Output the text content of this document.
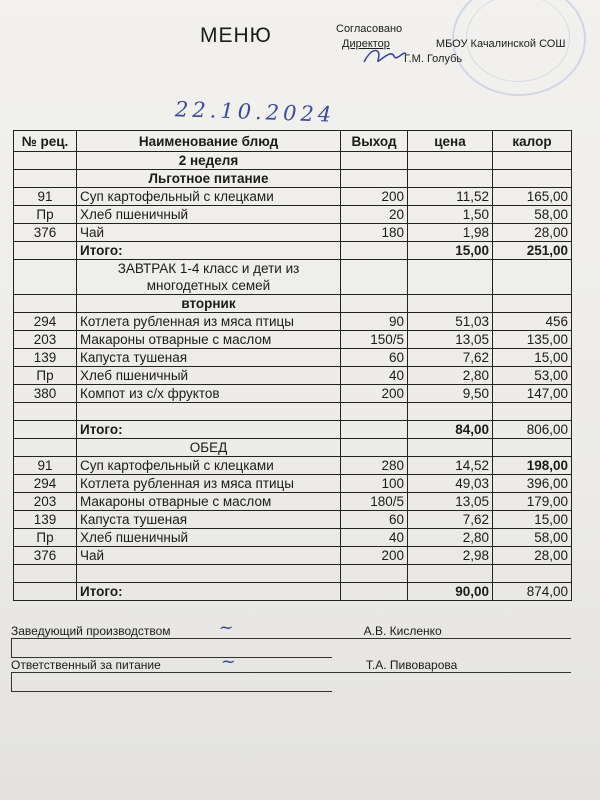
МЕНЮ	Согласовано
Директор	МБОУ Качалинской СОШ
Г.М. Голубь
22.10.2024
№ рец.	Наименование блюд	Выход	цена	калор
	2 неделя			
	Льготное питание			
91	Суп картофельный с клецками	200	11,52	165,00
Пр	Хлеб пшеничный	20	1,50	58,00
376	Чай	180	1,98	28,00
	Итого:		15,00	251,00
	ЗАВТРАК 1-4 класс и дети из многодетных семей			
	вторник			
294	Котлета рубленная из мяса птицы	90	51,03	456
203	Макароны отварные с маслом	150/5	13,05	135,00
139	Капуста тушеная	60	7,62	15,00
Пр	Хлеб пшеничный	40	2,80	53,00
380	Компот из с/х фруктов	200	9,50	147,00

	Итого:		84,00	806,00
	ОБЕД			
91	Суп картофельный с клецками	280	14,52	198,00
294	Котлета рубленная из мяса птицы	100	49,03	396,00
203	Макароны отварные с маслом	180/5	13,05	179,00
139	Капуста тушеная	60	7,62	15,00
Пр	Хлеб пшеничный	40	2,80	58,00
376	Чай	200	2,98	28,00

	Итого:		90,00	874,00
Заведующий производством	~	А.В. Кисленко
Ответственный за питание	~	Т.А. Пивоварова
